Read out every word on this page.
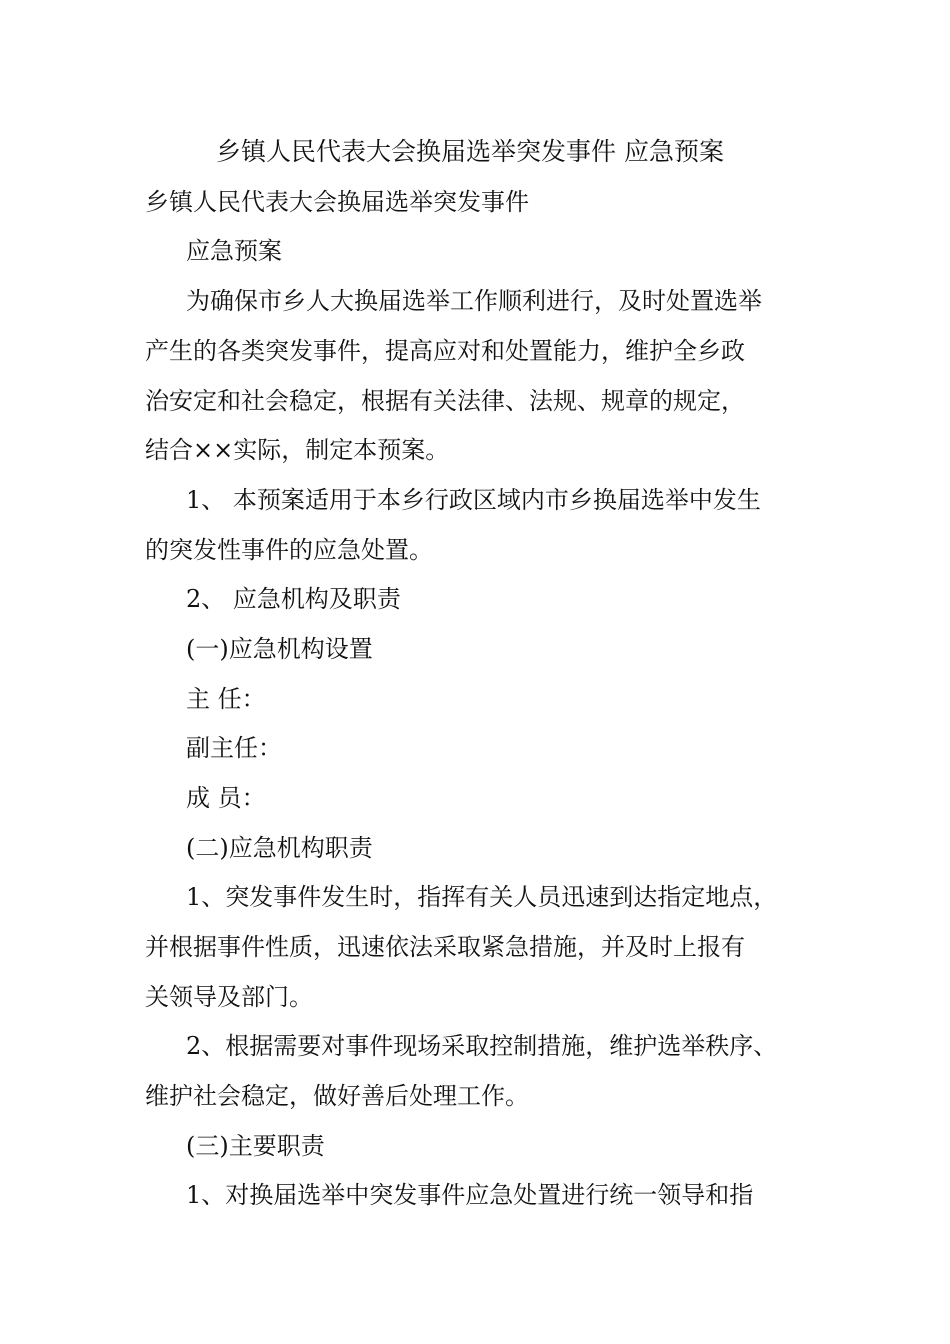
乡镇人民代表大会换届选举突发事件 应急预案

乡镇人民代表大会换届选举突发事件

应急预案

为确保市乡人大换届选举工作顺利进行，及时处置选举

产生的各类突发事件，提高应对和处置能力，维护全乡政

治安定和社会稳定，根据有关法律、法规、规章的规定，

结合××实际，制定本预案。

1、 本预案适用于本乡行政区域内市乡换届选举中发生

的突发性事件的应急处置。

2、 应急机构及职责

(一)应急机构设置

主 任：

副主任：

成 员：

(二)应急机构职责

1、突发事件发生时，指挥有关人员迅速到达指定地点，

并根据事件性质，迅速依法采取紧急措施，并及时上报有

关领导及部门。

2、根据需要对事件现场采取控制措施，维护选举秩序、

维护社会稳定，做好善后处理工作。

(三)主要职责

1、对换届选举中突发事件应急处置进行统一领导和指
